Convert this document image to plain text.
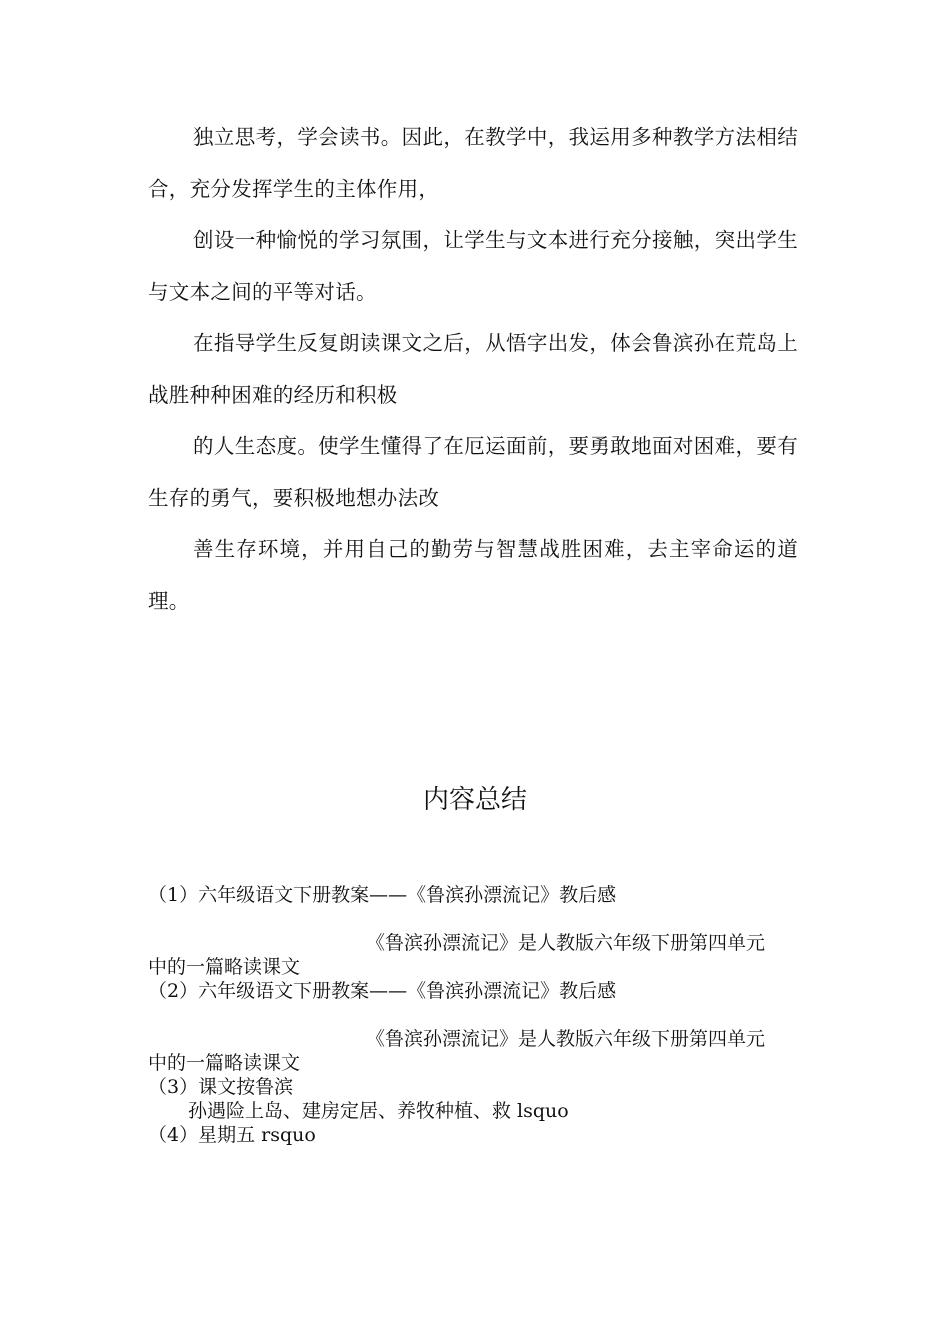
独立思考，学会读书。因此，在教学中，我运用多种教学方法相结合，充分发挥学生的主体作用，

创设一种愉悦的学习氛围，让学生与文本进行充分接触，突出学生与文本之间的平等对话。

在指导学生反复朗读课文之后，从悟字出发，体会鲁滨孙在荒岛上战胜种种困难的经历和积极

的人生态度。使学生懂得了在厄运面前，要勇敢地面对困难，要有生存的勇气，要积极地想办法改

善生存环境，并用自己的勤劳与智慧战胜困难，去主宰命运的道理。

内容总结

（1）六年级语文下册教案——《鲁滨孙漂流记》教后感

《鲁滨孙漂流记》是人教版六年级下册第四单元

中的一篇略读课文

（2）六年级语文下册教案——《鲁滨孙漂流记》教后感

《鲁滨孙漂流记》是人教版六年级下册第四单元

中的一篇略读课文

（3）课文按鲁滨

孙遇险上岛、建房定居、养牧种植、救 lsquo

（4）星期五 rsquo
